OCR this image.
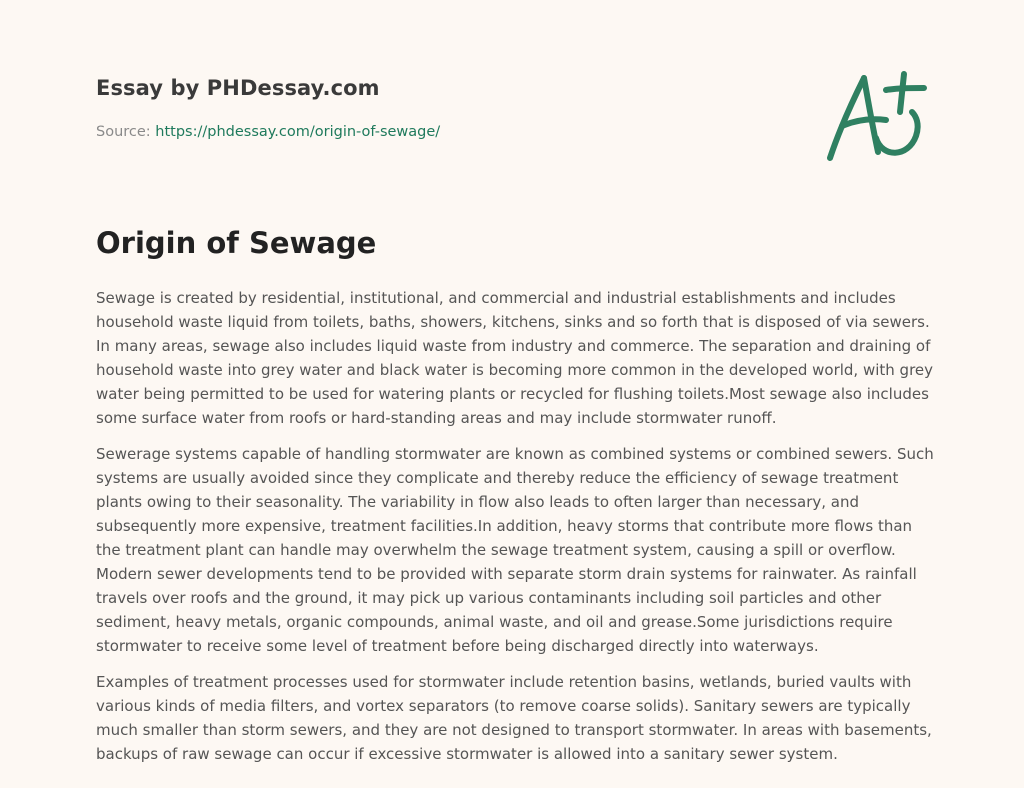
Essay by PHDessay.com
Source: https://phdessay.com/origin-of-sewage/
Origin of Sewage

Sewage is created by residential, institutional, and commercial and industrial establishments and includes household waste liquid from toilets, baths, showers, kitchens, sinks and so forth that is disposed of via sewers. In many areas, sewage also includes liquid waste from industry and commerce. The separation and draining of household waste into grey water and black water is becoming more common in the developed world, with grey water being permitted to be used for watering plants or recycled for flushing toilets.Most sewage also includes some surface water from roofs or hard-standing areas and may include stormwater runoff.

Sewerage systems capable of handling stormwater are known as combined systems or combined sewers. Such systems are usually avoided since they complicate and thereby reduce the efficiency of sewage treatment plants owing to their seasonality. The variability in flow also leads to often larger than necessary, and subsequently more expensive, treatment facilities.In addition, heavy storms that contribute more flows than the treatment plant can handle may overwhelm the sewage treatment system, causing a spill or overflow. Modern sewer developments tend to be provided with separate storm drain systems for rainwater. As rainfall travels over roofs and the ground, it may pick up various contaminants including soil particles and other sediment, heavy metals, organic compounds, animal waste, and oil and grease.Some jurisdictions require stormwater to receive some level of treatment before being discharged directly into waterways.

Examples of treatment processes used for stormwater include retention basins, wetlands, buried vaults with various kinds of media filters, and vortex separators (to remove coarse solids). Sanitary sewers are typically much smaller than storm sewers, and they are not designed to transport stormwater. In areas with basements, backups of raw sewage can occur if excessive stormwater is allowed into a sanitary sewer system.
